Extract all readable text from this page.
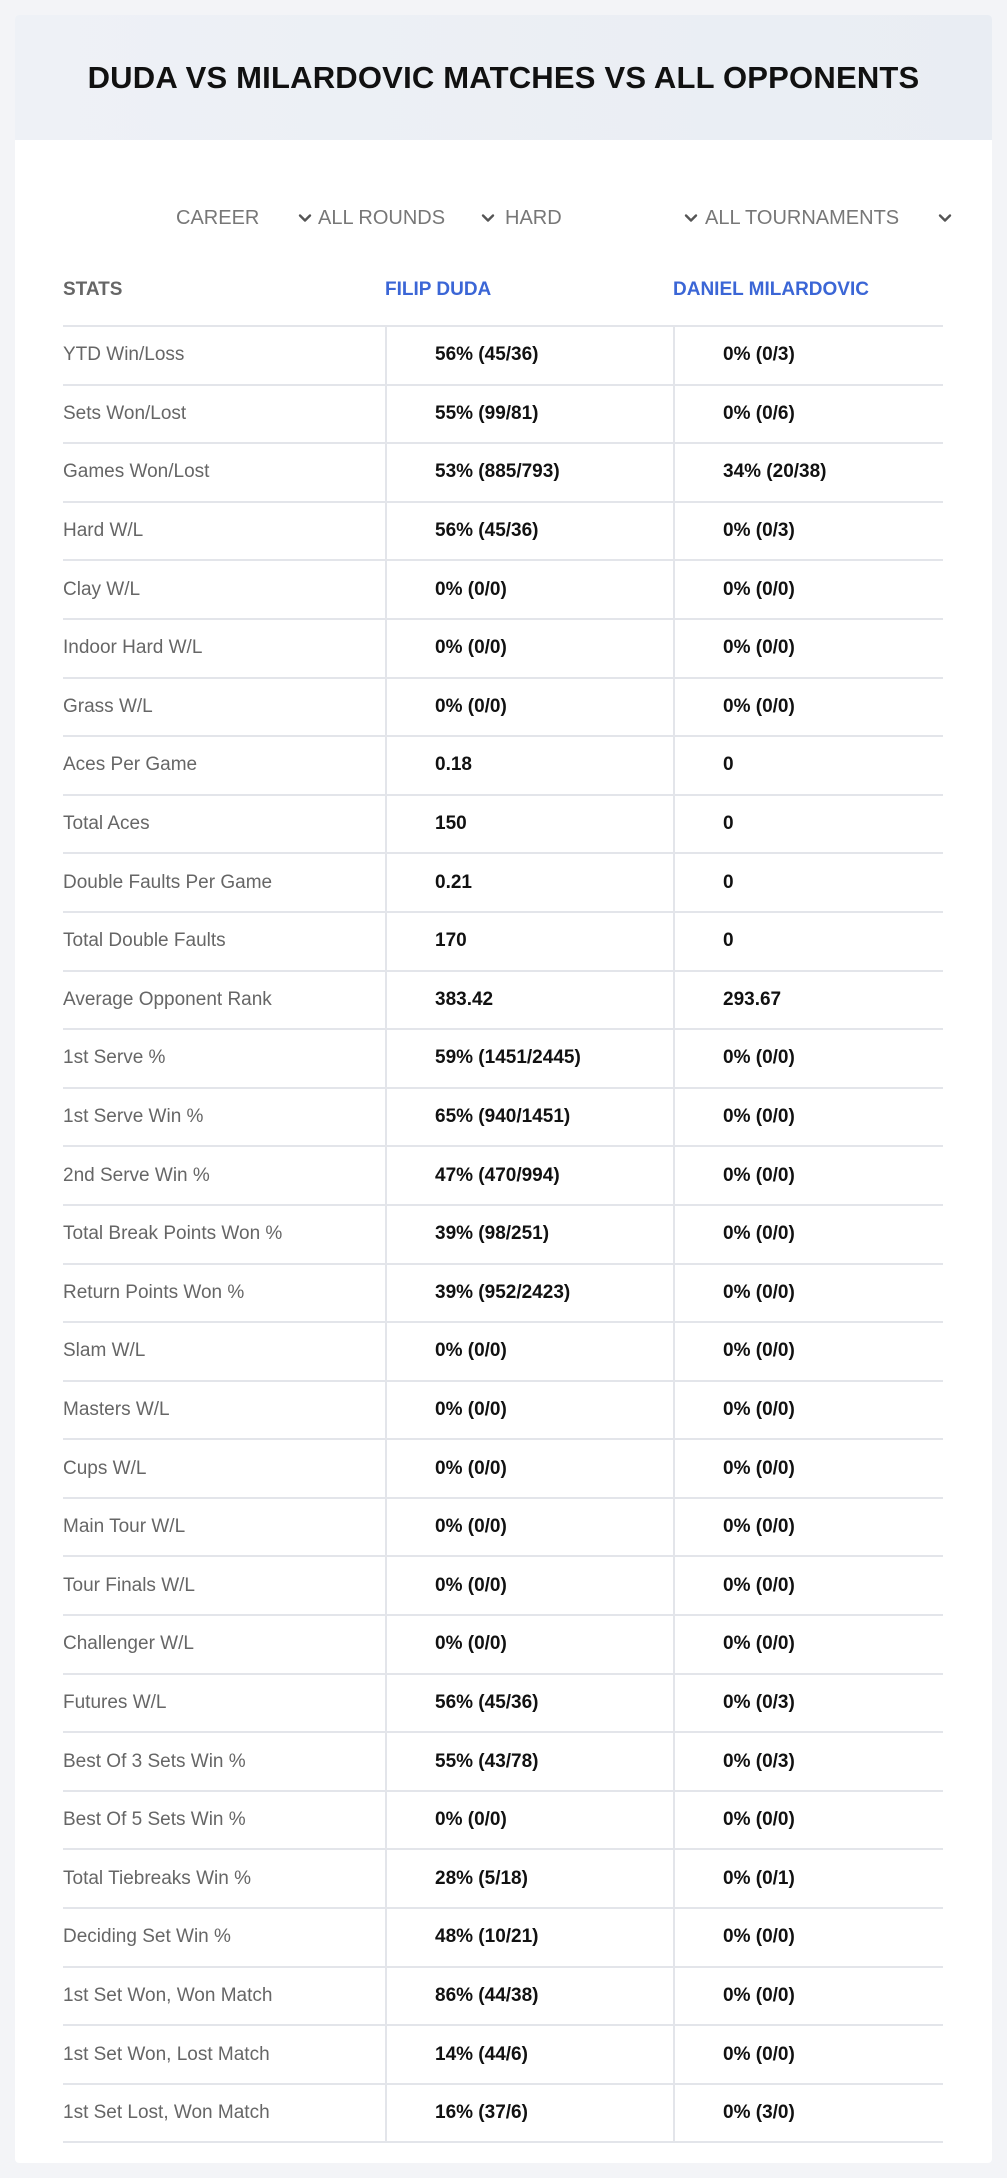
DUDA VS MILARDOVIC MATCHES VS ALL OPPONENTS
CAREER	ALL ROUNDS	HARD	ALL TOURNAMENTS
STATS	FILIP DUDA	DANIEL MILARDOVIC
YTD Win/Loss	56% (45/36)	0% (0/3)
Sets Won/Lost	55% (99/81)	0% (0/6)
Games Won/Lost	53% (885/793)	34% (20/38)
Hard W/L	56% (45/36)	0% (0/3)
Clay W/L	0% (0/0)	0% (0/0)
Indoor Hard W/L	0% (0/0)	0% (0/0)
Grass W/L	0% (0/0)	0% (0/0)
Aces Per Game	0.18	0
Total Aces	150	0
Double Faults Per Game	0.21	0
Total Double Faults	170	0
Average Opponent Rank	383.42	293.67
1st Serve %	59% (1451/2445)	0% (0/0)
1st Serve Win %	65% (940/1451)	0% (0/0)
2nd Serve Win %	47% (470/994)	0% (0/0)
Total Break Points Won %	39% (98/251)	0% (0/0)
Return Points Won %	39% (952/2423)	0% (0/0)
Slam W/L	0% (0/0)	0% (0/0)
Masters W/L	0% (0/0)	0% (0/0)
Cups W/L	0% (0/0)	0% (0/0)
Main Tour W/L	0% (0/0)	0% (0/0)
Tour Finals W/L	0% (0/0)	0% (0/0)
Challenger W/L	0% (0/0)	0% (0/0)
Futures W/L	56% (45/36)	0% (0/3)
Best Of 3 Sets Win %	55% (43/78)	0% (0/3)
Best Of 5 Sets Win %	0% (0/0)	0% (0/0)
Total Tiebreaks Win %	28% (5/18)	0% (0/1)
Deciding Set Win %	48% (10/21)	0% (0/0)
1st Set Won, Won Match	86% (44/38)	0% (0/0)
1st Set Won, Lost Match	14% (44/6)	0% (0/0)
1st Set Lost, Won Match	16% (37/6)	0% (3/0)
